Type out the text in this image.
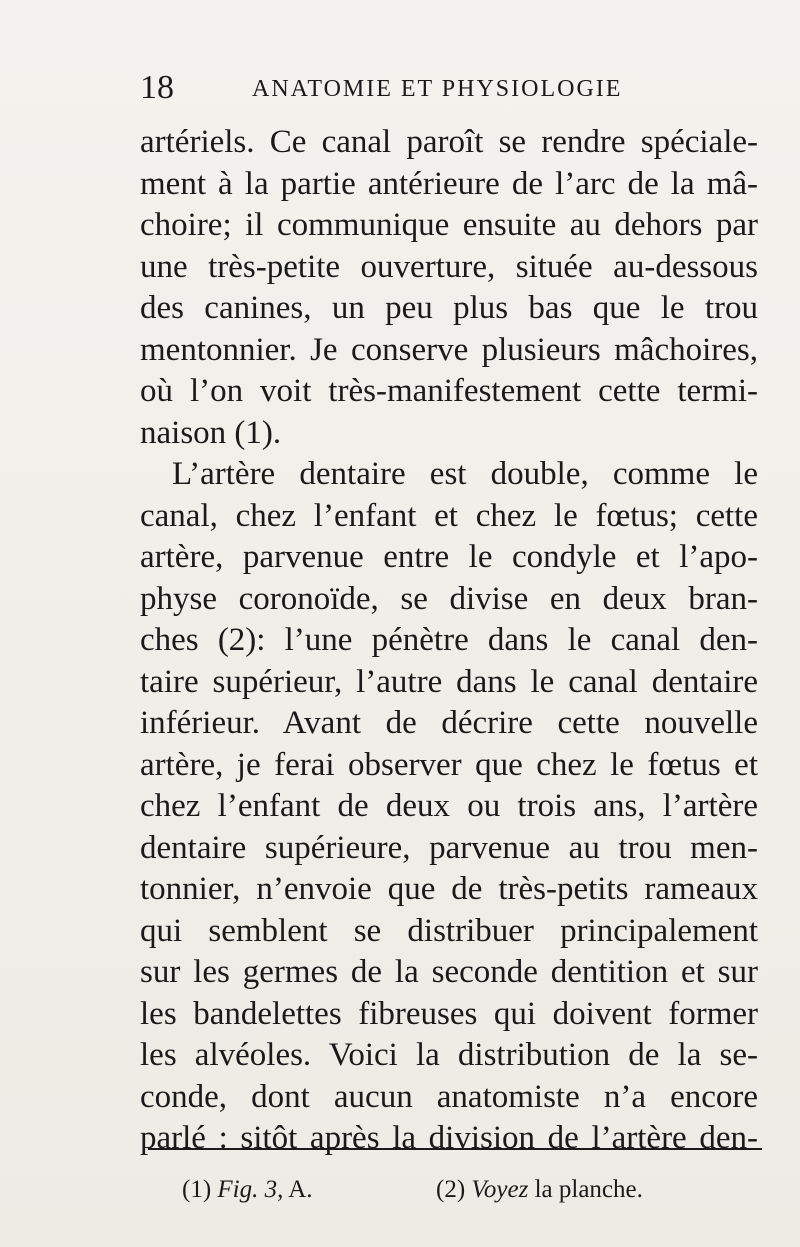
18	ANATOMIE ET PHYSIOLOGIE
artériels. Ce canal paroît se rendre spéciale-
ment à la partie antérieure de l’arc de la mâ-
choire; il communique ensuite au dehors par
une très-petite ouverture, située au-dessous
des canines, un peu plus bas que le trou
mentonnier. Je conserve plusieurs mâchoires,
où l’on voit très-manifestement cette termi-
naison (1).
L’artère dentaire est double, comme le
canal, chez l’enfant et chez le fœtus; cette
artère, parvenue entre le condyle et l’apo-
physe coronoïde, se divise en deux bran-
ches (2): l’une pénètre dans le canal den-
taire supérieur, l’autre dans le canal dentaire
inférieur. Avant de décrire cette nouvelle
artère, je ferai observer que chez le fœtus et
chez l’enfant de deux ou trois ans, l’artère
dentaire supérieure, parvenue au trou men-
tonnier, n’envoie que de très-petits rameaux
qui semblent se distribuer principalement
sur les germes de la seconde dentition et sur
les bandelettes fibreuses qui doivent former
les alvéoles. Voici la distribution de la se-
conde, dont aucun anatomiste n’a encore
parlé : sitôt après la division de l’artère den-
(1) Fig. 3, A.	(2) Voyez la planche.
